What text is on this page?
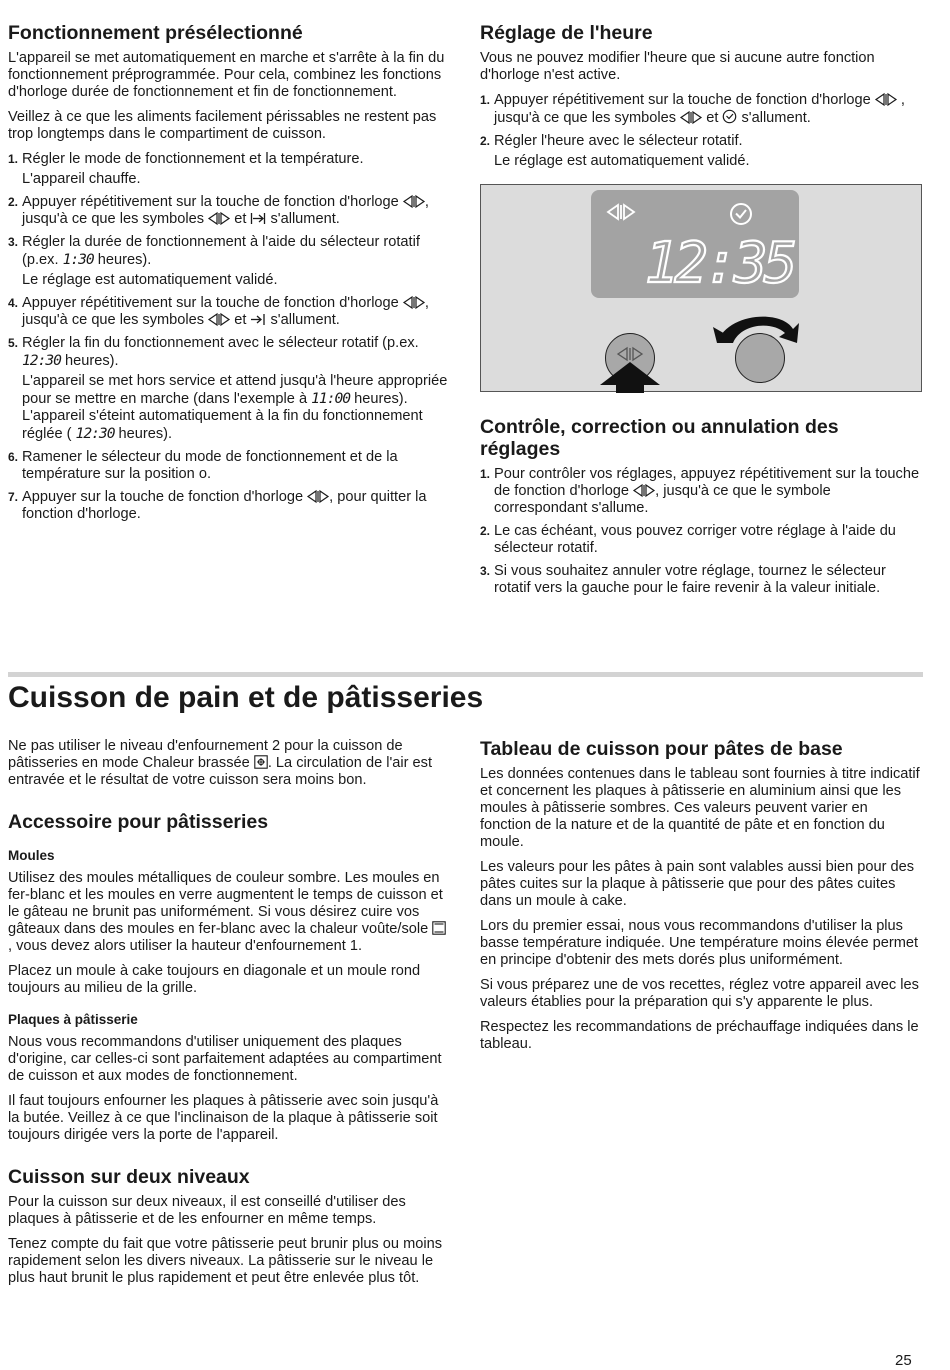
Fonctionnement présélectionné

L'appareil se met automatiquement en marche et s'arrête à la fin du fonctionnement préprogrammée. Pour cela, combinez les fonctions d'horloge durée de fonctionnement et fin de fonctionnement.

Veillez à ce que les aliments facilement périssables ne restent pas trop longtemps dans le compartiment de cuisson.

1. Régler le mode de fonctionnement et la température.
L'appareil chauffe.
2. Appuyer répétitivement sur la touche de fonction d'horloge , jusqu'à ce que les symboles et s'allument.
3. Régler la durée de fonctionnement à l'aide du sélecteur rotatif (p.ex. 1:30 heures).
Le réglage est automatiquement validé.
4. Appuyer répétitivement sur la touche de fonction d'horloge , jusqu'à ce que les symboles et s'allument.
5. Régler la fin du fonctionnement avec le sélecteur rotatif (p.ex. 12:30 heures).
L'appareil se met hors service et attend jusqu'à l'heure appropriée pour se mettre en marche (dans l'exemple à 11:00 heures). L'appareil s'éteint automatiquement à la fin du fonctionnement réglée ( 12:30 heures).
6. Ramener le sélecteur du mode de fonctionnement et de la température sur la position o.
7. Appuyer sur la touche de fonction d'horloge , pour quitter la fonction d'horloge.
Réglage de l'heure

Vous ne pouvez modifier l'heure que si aucune autre fonction d'horloge n'est active.

1. Appuyer répétitivement sur la touche de fonction d'horloge , jusqu'à ce que les symboles et s'allument.
2. Régler l'heure avec le sélecteur rotatif.
Le réglage est automatiquement validé.
12:35
Contrôle, correction ou annulation des réglages
1. Pour contrôler vos réglages, appuyez répétitivement sur la touche de fonction d'horloge , jusqu'à ce que le symbole correspondant s'allume.
2. Le cas échéant, vous pouvez corriger votre réglage à l'aide du sélecteur rotatif.
3. Si vous souhaitez annuler votre réglage, tournez le sélecteur rotatif vers la gauche pour le faire revenir à la valeur initiale.
Cuisson de pain et de pâtisseries

Ne pas utiliser le niveau d'enfournement 2 pour la cuisson de pâtisseries en mode Chaleur brassée . La circulation de l'air est entravée et le résultat de votre cuisson sera moins bon.

Accessoire pour pâtisseries
Moules

Utilisez des moules métalliques de couleur sombre. Les moules en fer-blanc et les moules en verre augmentent le temps de cuisson et le gâteau ne brunit pas uniformément. Si vous désirez cuire vos gâteaux dans des moules en fer-blanc avec la chaleur voûte/sole , vous devez alors utiliser la hauteur d'enfournement 1.

Placez un moule à cake toujours en diagonale et un moule rond toujours au milieu de la grille.

Plaques à pâtisserie

Nous vous recommandons d'utiliser uniquement des plaques d'origine, car celles-ci sont parfaitement adaptées au compartiment de cuisson et aux modes de fonctionnement.

Il faut toujours enfourner les plaques à pâtisserie avec soin jusqu'à la butée. Veillez à ce que l'inclinaison de la plaque à pâtisserie soit toujours dirigée vers la porte de l'appareil.

Cuisson sur deux niveaux

Pour la cuisson sur deux niveaux, il est conseillé d'utiliser des plaques à pâtisserie et de les enfourner en même temps.

Tenez compte du fait que votre pâtisserie peut brunir plus ou moins rapidement selon les divers niveaux. La pâtisserie sur le niveau le plus haut brunit le plus rapidement et peut être enlevée plus tôt.

Tableau de cuisson pour pâtes de base

Les données contenues dans le tableau sont fournies à titre indicatif et concernent les plaques à pâtisserie en aluminium ainsi que les moules à pâtisserie sombres. Ces valeurs peuvent varier en fonction de la nature et de la quantité de pâte et en fonction du moule.

Les valeurs pour les pâtes à pain sont valables aussi bien pour des pâtes cuites sur la plaque à pâtisserie que pour des pâtes cuites dans un moule à cake.

Lors du premier essai, nous vous recommandons d'utiliser la plus basse température indiquée. Une température moins élevée permet en principe d'obtenir des mets dorés plus uniformément.

Si vous préparez une de vos recettes, réglez votre appareil avec les valeurs établies pour la préparation qui s'y apparente le plus.

Respectez les recommandations de préchauffage indiquées dans le tableau.

25
